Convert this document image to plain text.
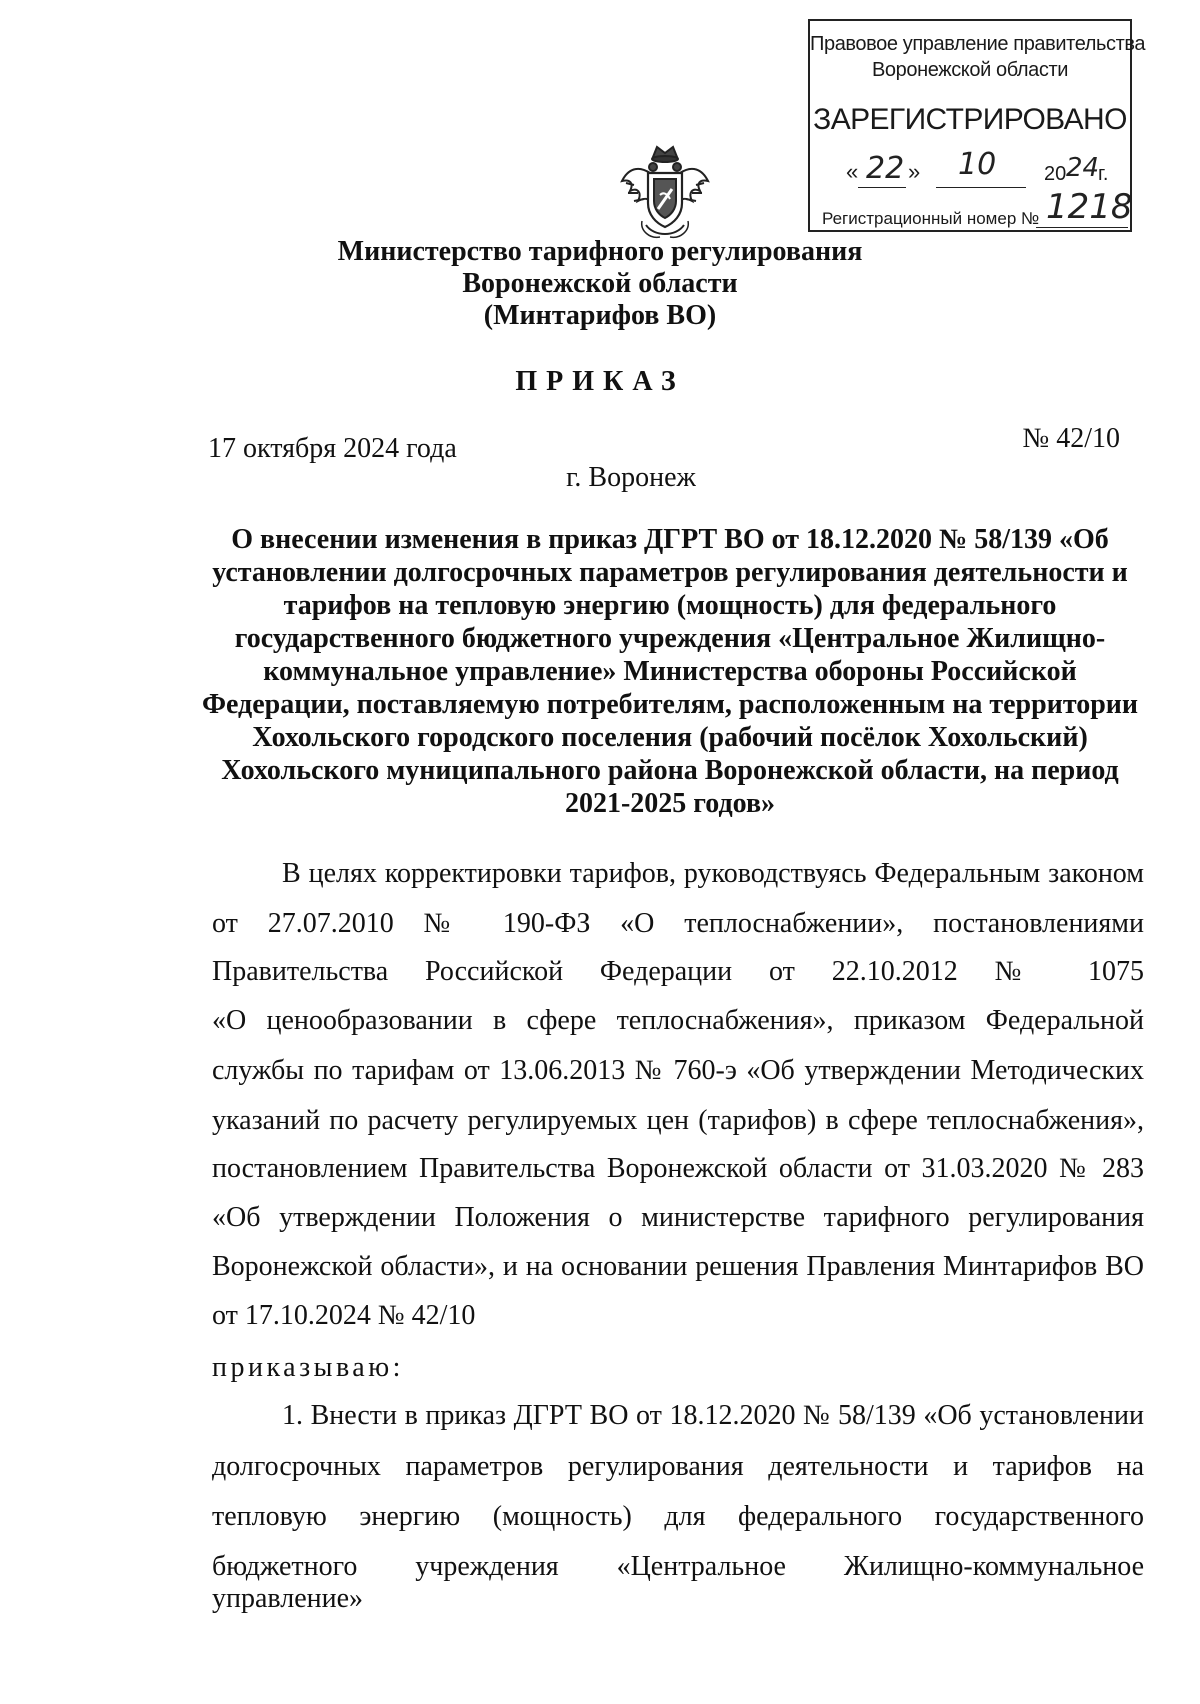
Правовое управление правительства
Воронежской области
ЗАРЕГИСТРИРОВАНО
« 22 » 10 20 24
г.
Регистрационный номер № 1218
Министерство тарифного регулирования
Воронежской области
(Минтарифов ВО)
ПРИКАЗ
17 октября 2024 года	№ 42/10
г. Воронеж
О внесении изменения в приказ ДГРТ ВО от 18.12.2020 № 58/139 «Об установлении долгосрочных параметров регулирования деятельности и тарифов на тепловую энергию (мощность) для федерального государственного бюджетного учреждения «Центральное Жилищно-коммунальное управление» Министерства обороны Российской Федерации, поставляемую потребителям, расположенным на территории Хохольского городского поселения (рабочий посёлок Хохольский) Хохольского муниципального района Воронежской области, на период 2021-2025 годов»
В целях корректировки тарифов, руководствуясь Федеральным законом
от 27.07.2010 № 190-ФЗ «О теплоснабжении», постановлениями
Правительства Российской Федерации от 22.10.2012 № 1075
«О ценообразовании в сфере теплоснабжения», приказом Федеральной
службы по тарифам от 13.06.2013 № 760-э «Об утверждении Методических
указаний по расчету регулируемых цен (тарифов) в сфере теплоснабжения»,
постановлением Правительства Воронежской области от 31.03.2020 № 283
«Об утверждении Положения о министерстве тарифного регулирования
Воронежской области», и на основании решения Правления Минтарифов ВО
от 17.10.2024 № 42/10
приказываю:
1. Внести в приказ ДГРТ ВО от 18.12.2020 № 58/139 «Об установлении
долгосрочных параметров регулирования деятельности и тарифов на
тепловую энергию (мощность) для федерального государственного
бюджетного учреждения «Центральное Жилищно-коммунальное управление»
